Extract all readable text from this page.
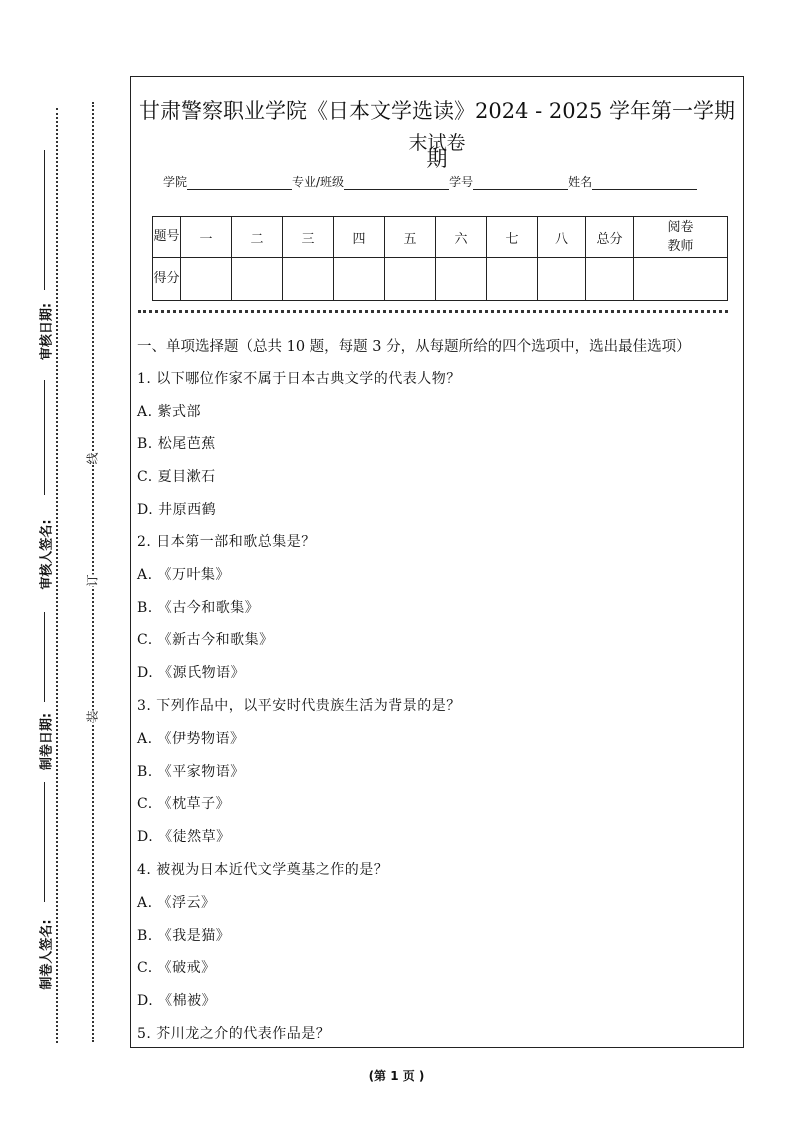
审核日期:
审核人签名:
制卷日期:
制卷人签名:
线
订
装
甘肃警察职业学院《日本文学选读》2024 - 2025 学年第一学期期
末试卷
学院	专业/班级	学号	姓名
题号	一	二	三	四	五	六	七	八	总分	阅卷教师
得分										
一、单项选择题（总共 10 题，每题 3 分，从每题所给的四个选项中，选出最佳选项）
1. 以下哪位作家不属于日本古典文学的代表人物？
A. 紫式部
B. 松尾芭蕉
C. 夏目漱石
D. 井原西鹤
2. 日本第一部和歌总集是？
A. 《万叶集》
B. 《古今和歌集》
C. 《新古今和歌集》
D. 《源氏物语》
3. 下列作品中，以平安时代贵族生活为背景的是？
A. 《伊势物语》
B. 《平家物语》
C. 《枕草子》
D. 《徒然草》
4. 被视为日本近代文学奠基之作的是？
A. 《浮云》
B. 《我是猫》
C. 《破戒》
D. 《棉被》
5. 芥川龙之介的代表作品是？
(第 1 页 )
